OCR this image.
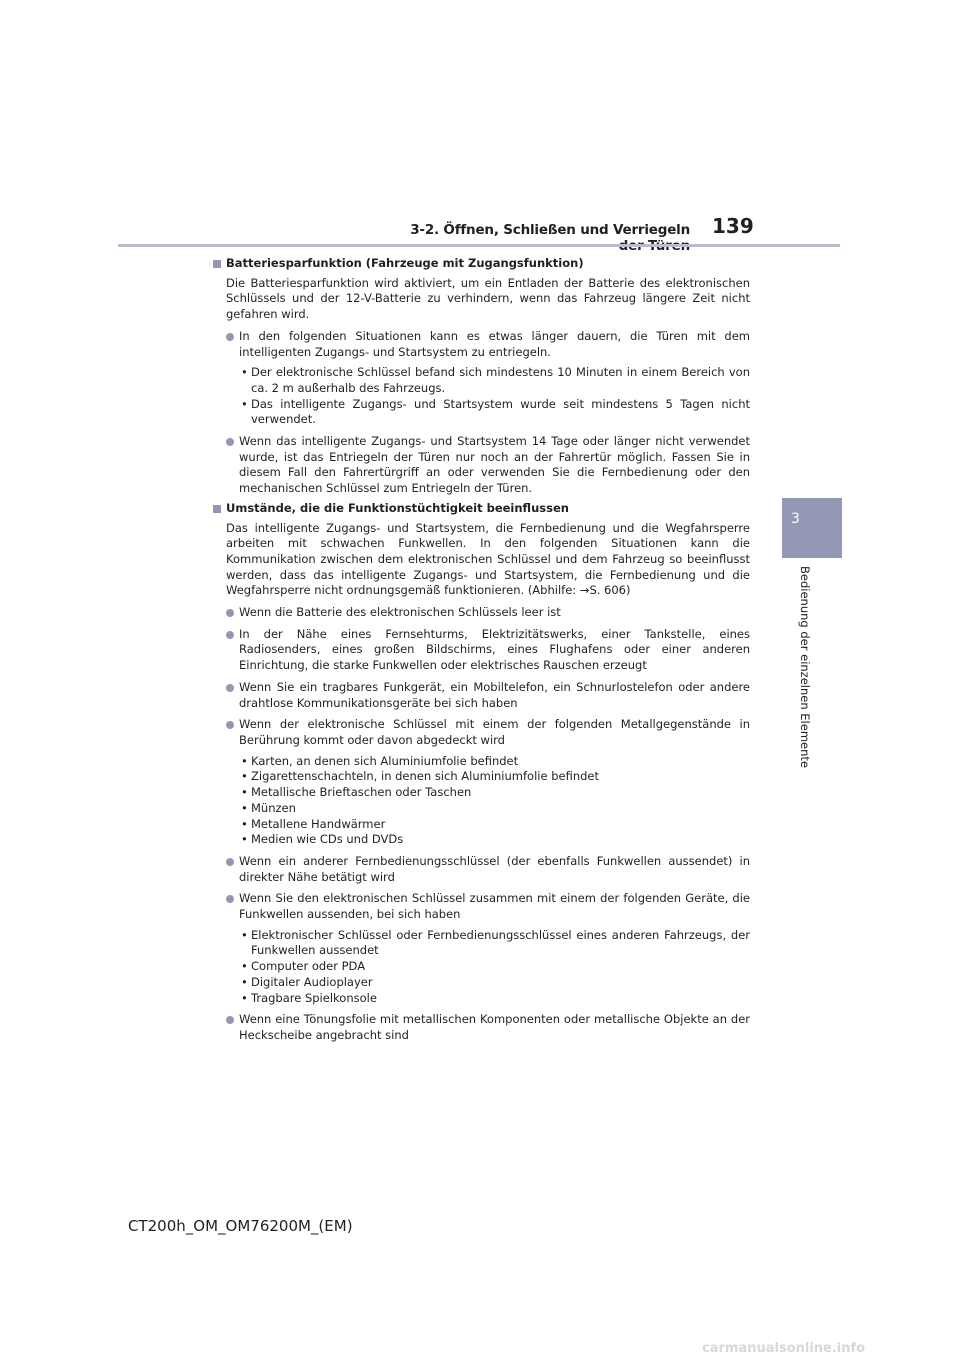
3-2. Öffnen, Schließen und Verriegeln 139
3
Bedienung der einzelnen Elemente
Batteriesparfunktion (Fahrzeuge mit Zugangsfunktion)
Die Batteriesparfunktion wird aktiviert, um ein Entladen der Batterie des elektronischen Schlüssels und der 12-V-Batterie zu verhindern, wenn das Fahrzeug längere Zeit nicht gefahren wird.
In den folgenden Situationen kann es etwas länger dauern, die Türen mit dem intelligenten Zugangs- und Startsystem zu entriegeln.
• Der elektronische Schlüssel befand sich mindestens 10 Minuten in einem Bereich von ca. 2 m außerhalb des Fahrzeugs.
• Das intelligente Zugangs- und Startsystem wurde seit mindestens 5 Tagen nicht verwendet.
Wenn das intelligente Zugangs- und Startsystem 14 Tage oder länger nicht verwendet wurde, ist das Entriegeln der Türen nur noch an der Fahrertür möglich. Fassen Sie in diesem Fall den Fahrertürgriff an oder verwenden Sie die Fernbedienung oder den mechanischen Schlüssel zum Entriegeln der Türen.
Umstände, die die Funktionstüchtigkeit beeinflussen
Das intelligente Zugangs- und Startsystem, die Fernbedienung und die Wegfahrsperre arbeiten mit schwachen Funkwellen. In den folgenden Situationen kann die Kommunikation zwischen dem elektronischen Schlüssel und dem Fahrzeug so beeinflusst werden, dass das intelligente Zugangs- und Startsystem, die Fernbedienung und die Wegfahrsperre nicht ordnungsgemäß funktionieren. (Abhilfe: →S. 606)
Wenn die Batterie des elektronischen Schlüssels leer ist
In der Nähe eines Fernsehturms, Elektrizitätswerks, einer Tankstelle, eines Radiosenders, eines großen Bildschirms, eines Flughafens oder einer anderen Einrichtung, die starke Funkwellen oder elektrisches Rauschen erzeugt
Wenn Sie ein tragbares Funkgerät, ein Mobiltelefon, ein Schnurlostelefon oder andere drahtlose Kommunikationsgeräte bei sich haben
Wenn der elektronische Schlüssel mit einem der folgenden Metallgegenstände in Berührung kommt oder davon abgedeckt wird
• Karten, an denen sich Aluminiumfolie befindet
• Zigarettenschachteln, in denen sich Aluminiumfolie befindet
• Metallische Brieftaschen oder Taschen
• Münzen
• Metallene Handwärmer
• Medien wie CDs und DVDs
Wenn ein anderer Fernbedienungsschlüssel (der ebenfalls Funkwellen aussendet) in direkter Nähe betätigt wird
Wenn Sie den elektronischen Schlüssel zusammen mit einem der folgenden Geräte, die Funkwellen aussenden, bei sich haben
• Elektronischer Schlüssel oder Fernbedienungsschlüssel eines anderen Fahrzeugs, der Funkwellen aussendet
• Computer oder PDA
• Digitaler Audioplayer
• Tragbare Spielkonsole
Wenn eine Tönungsfolie mit metallischen Komponenten oder metallische Objekte an der Heckscheibe angebracht sind
CT200h_OM_OM76200M_(EM)
carmanualsonline.info
